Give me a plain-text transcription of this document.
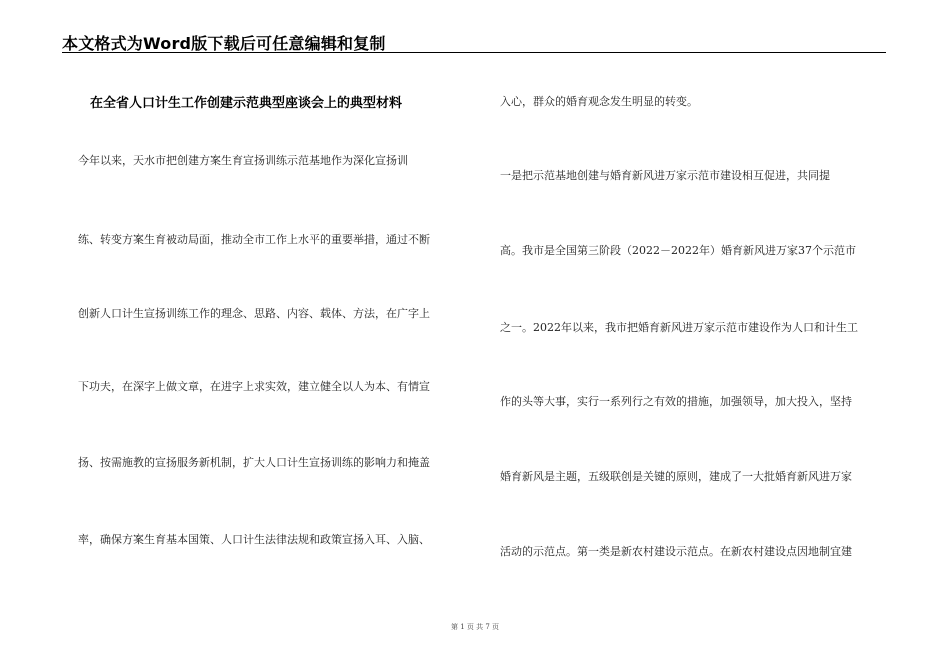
本文格式为Word版下载后可任意编辑和复制
在全省人口计生工作创建示范典型座谈会上的典型材料
今年以来，天水市把创建方案生育宣扬训练示范基地作为深化宣扬训
练、转变方案生育被动局面，推动全市工作上水平的重要举措，通过不断
创新人口计生宣扬训练工作的理念、思路、内容、载体、方法，在广字上
下功夫，在深字上做文章，在进字上求实效，建立健全以人为本、有情宣
扬、按需施教的宣扬服务新机制，扩大人口计生宣扬训练的影响力和掩盖
率，确保方案生育基本国策、人口计生法律法规和政策宣扬入耳、入脑、
入心，群众的婚育观念发生明显的转变。
一是把示范基地创建与婚育新风进万家示范市建设相互促进，共同提
高。我市是全国第三阶段（2022－2022年）婚育新风进万家37个示范市
之一。2022年以来，我市把婚育新风进万家示范市建设作为人口和计生工
作的头等大事，实行一系列行之有效的措施，加强领导，加大投入，坚持
婚育新风是主题，五级联创是关键的原则，建成了一大批婚育新风进万家
活动的示范点。第一类是新农村建设示范点。在新农村建设点因地制宜建
第 1 页 共 7 页
